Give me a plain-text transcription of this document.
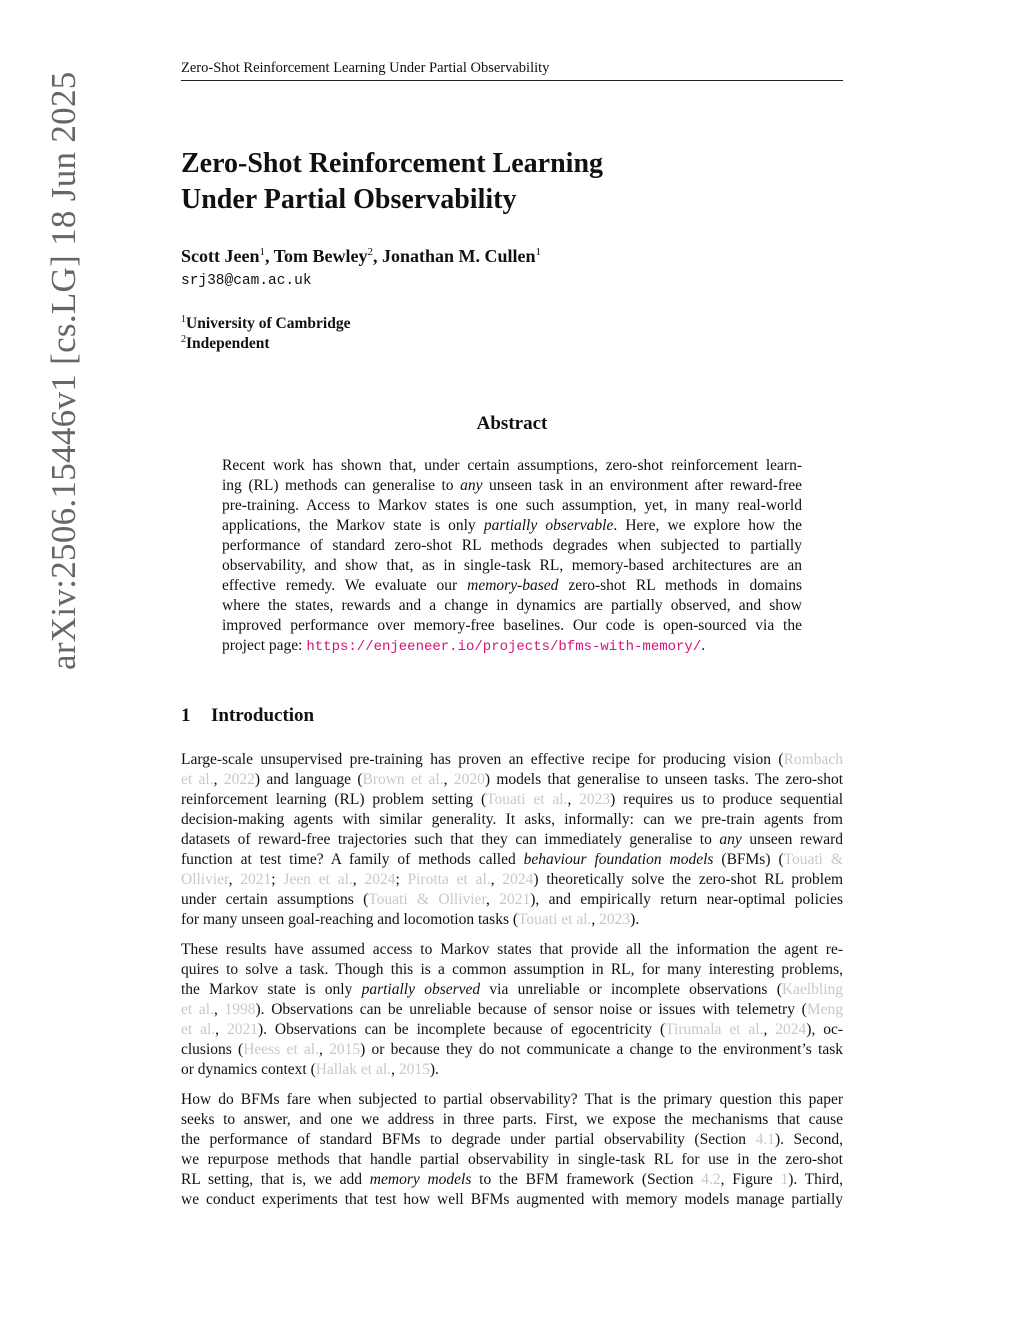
Zero-Shot Reinforcement Learning Under Partial Observability
arXiv:2506.15446v1 [cs.LG] 18 Jun 2025	Zero-Shot Reinforcement Learning
Under Partial Observability
Scott Jeen$^1$, Tom Bewley$^2$, Jonathan M. Cullen$^1$
srj38@cam.ac.uk
$^1$University of Cambridge
$^2$Independent
Abstract
Recent work has shown that, under certain assumptions, zero-shot reinforcement learn-
ing (RL) methods can generalise to any unseen task in an environment after reward-free
pre-training. Access to Markov states is one such assumption, yet, in many real-world
applications, the Markov state is only partially observable. Here, we explore how the
performance of standard zero-shot RL methods degrades when subjected to partially
observability, and show that, as in single-task RL, memory-based architectures are an
effective remedy. We evaluate our memory-based zero-shot RL methods in domains
where the states, rewards and a change in dynamics are partially observed, and show
improved performance over memory-free baselines. Our code is open-sourced via the
project page: https://enjeeneer.io/projects/bfms-with-memory/.
1 Introduction
Large-scale unsupervised pre-training has proven an effective recipe for producing vision (Rombach
et al., 2022) and language (Brown et al., 2020) models that generalise to unseen tasks. The zero-shot
reinforcement learning (RL) problem setting (Touati et al., 2023) requires us to produce sequential
decision-making agents with similar generality. It asks, informally: can we pre-train agents from
datasets of reward-free trajectories such that they can immediately generalise to any unseen reward
function at test time? A family of methods called behaviour foundation models (BFMs) (Touati &
Ollivier, 2021; Jeen et al., 2024; Pirotta et al., 2024) theoretically solve the zero-shot RL problem
under certain assumptions (Touati & Ollivier, 2021), and empirically return near-optimal policies
for many unseen goal-reaching and locomotion tasks (Touati et al., 2023).
These results have assumed access to Markov states that provide all the information the agent re-
quires to solve a task. Though this is a common assumption in RL, for many interesting problems,
the Markov state is only partially observed via unreliable or incomplete observations (Kaelbling
et al., 1998). Observations can be unreliable because of sensor noise or issues with telemetry (Meng
et al., 2021). Observations can be incomplete because of egocentricity (Tirumala et al., 2024), oc-
clusions (Heess et al., 2015) or because they do not communicate a change to the environment’s task
or dynamics context (Hallak et al., 2015).
How do BFMs fare when subjected to partial observability? That is the primary question this paper
seeks to answer, and one we address in three parts. First, we expose the mechanisms that cause
the performance of standard BFMs to degrade under partial observability (Section 4.1). Second,
we repurpose methods that handle partial observability in single-task RL for use in the zero-shot
RL setting, that is, we add memory models to the BFM framework (Section 4.2, Figure 1). Third,
we conduct experiments that test how well BFMs augmented with memory models manage partially
